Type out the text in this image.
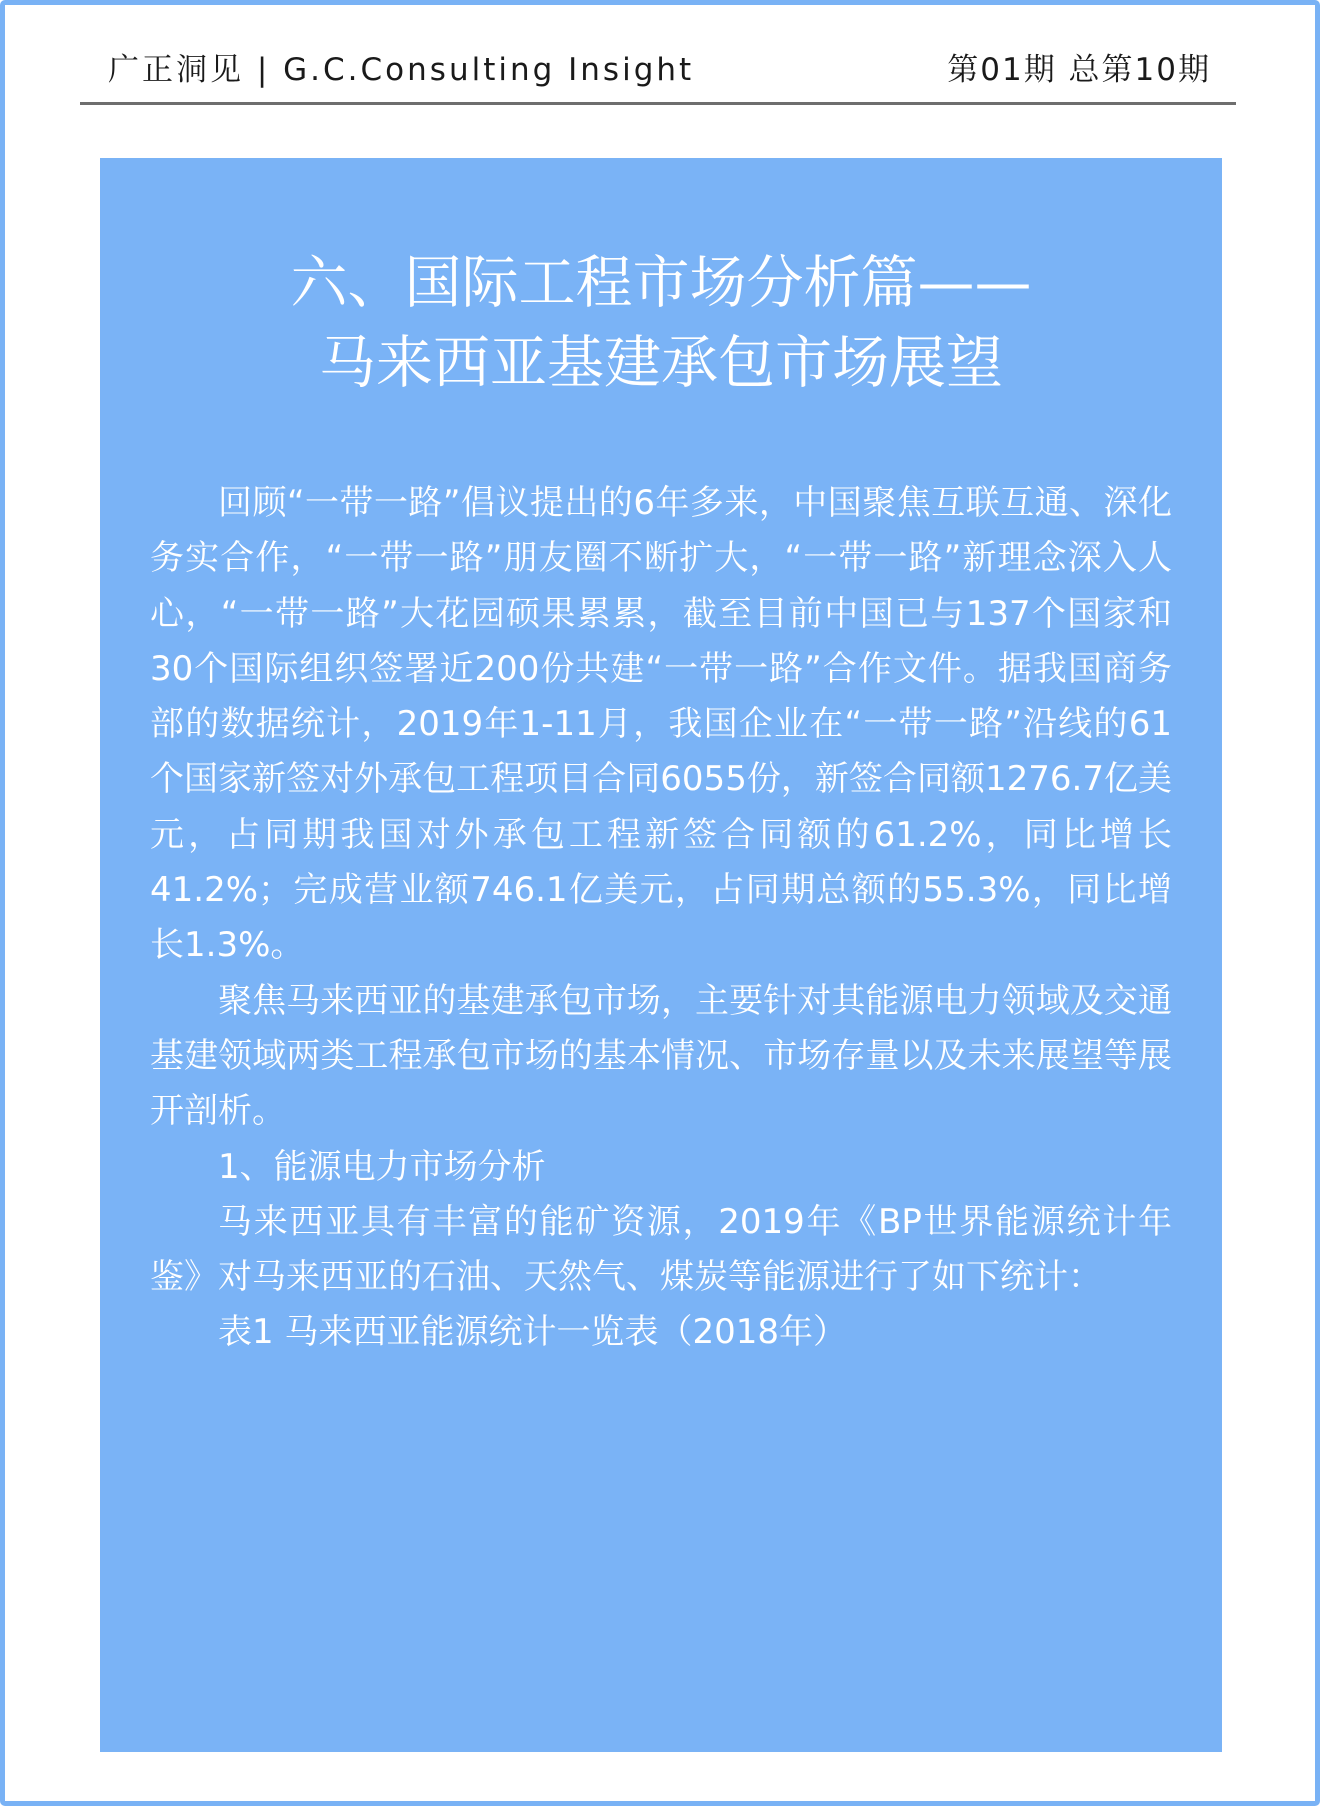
广正洞见 | G.C.Consulting Insight	第01期 总第10期
六、国际工程市场分析篇——
马来西亚基建承包市场展望

回顾“一带一路”倡议提出的6年多来，中国聚焦互联互通、深化务实合作，“一带一路”朋友圈不断扩大，“一带一路”新理念深入人心，“一带一路”大花园硕果累累，截至目前中国已与137个国家和30个国际组织签署近200份共建“一带一路”合作文件。据我国商务部的数据统计，2019年1-11月，我国企业在“一带一路”沿线的61个国家新签对外承包工程项目合同6055份，新签合同额1276.7亿美元，占同期我国对外承包工程新签合同额的61.2%，同比增长41.2%；完成营业额746.1亿美元，占同期总额的55.3%，同比增长1.3%。

聚焦马来西亚的基建承包市场，主要针对其能源电力领域及交通基建领域两类工程承包市场的基本情况、市场存量以及未来展望等展开剖析。

1、能源电力市场分析

马来西亚具有丰富的能矿资源，2019年《BP世界能源统计年鉴》对马来西亚的石油、天然气、煤炭等能源进行了如下统计：

表1 马来西亚能源统计一览表（2018年）
